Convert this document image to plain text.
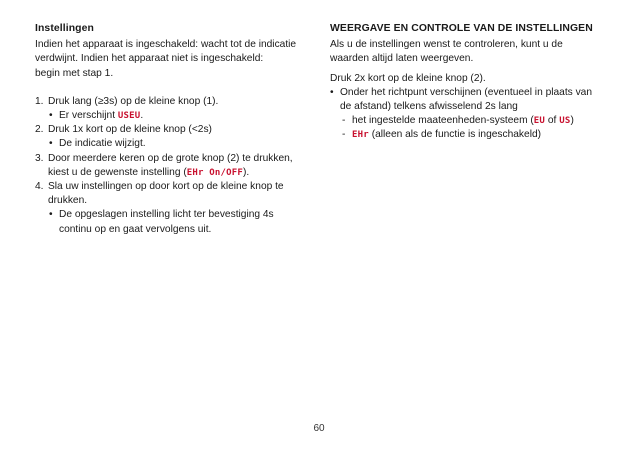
Instellingen

Indien het apparaat is ingeschakeld: wacht tot de indicatie

verdwijnt. Indien het apparaat niet is ingeschakeld:

begin met stap 1.

1. Druk lang (≥3s) op de kleine knop (1).
• Er verschijnt USEU.
2. Druk 1x kort op de kleine knop (<2s)
• De indicatie wijzigt.
3. Door meerdere keren op de grote knop (2) te drukken,
kiest u de gewenste instelling (EHr On/OFF).
4. Sla uw instellingen op door kort op de kleine knop te
drukken.
• De opgeslagen instelling licht ter bevestiging 4s
continu op en gaat vervolgens uit.

WEERGAVE EN CONTROLE VAN DE INSTELLINGEN

Als u de instellingen wenst te controleren, kunt u de

waarden altijd laten weergeven.

Druk 2x kort op de kleine knop (2).

• Onder het richtpunt verschijnen (eventueel in plaats van
de afstand) telkens afwisselend 2s lang
- het ingestelde maateenheden-systeem (EU of US)
- EHr (alleen als de functie is ingeschakeld)
60
